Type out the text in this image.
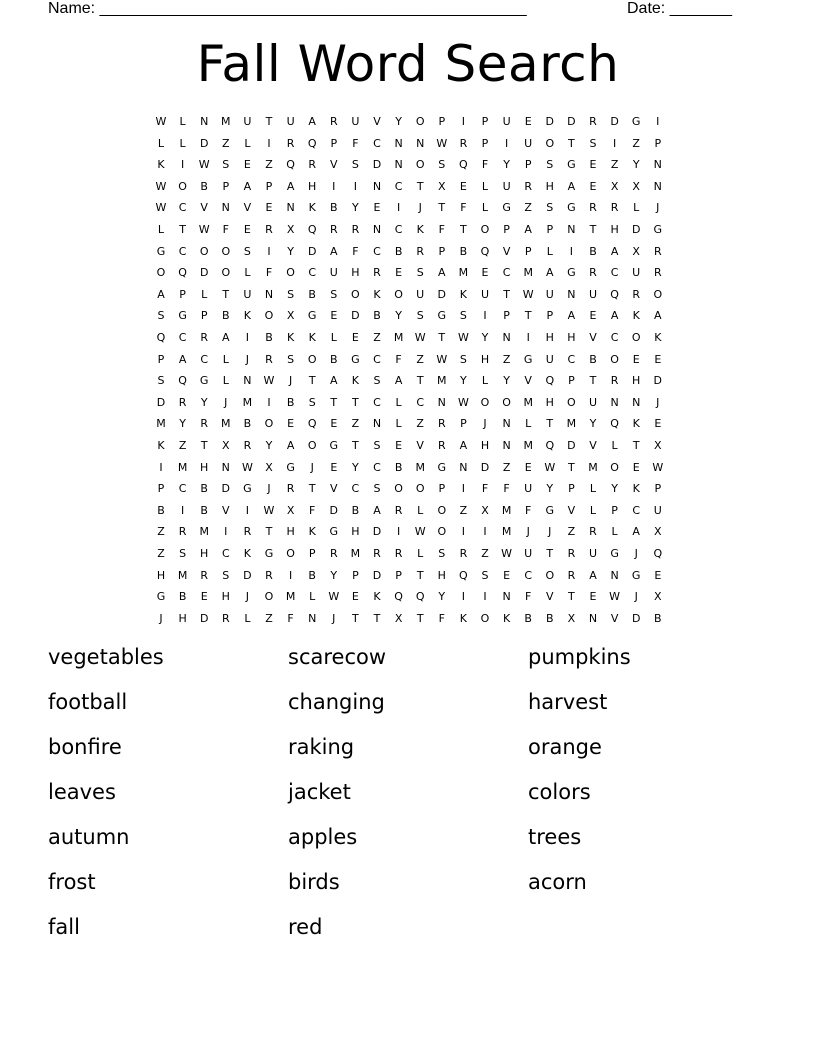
Name: ________________________________________________

	Date: _______

Fall Word Search
W	L	N	M	U	T	U	A	R	U	V	Y	O	P	I	P	U	E	D	D	R	D	G	I
L	L	D	Z	L	I	R	Q	P	F	C	N	N	W	R	P	I	U	O	T	S	I	Z	P
K	I	W	S	E	Z	Q	R	V	S	D	N	O	S	Q	F	Y	P	S	G	E	Z	Y	N
W	O	B	P	A	P	A	H	I	I	N	C	T	X	E	L	U	R	H	A	E	X	X	N
W	C	V	N	V	E	N	K	B	Y	E	I	J	T	F	L	G	Z	S	G	R	R	L	J
L	T	W	F	E	R	X	Q	R	R	N	C	K	F	T	O	P	A	P	N	T	H	D	G
G	C	O	O	S	I	Y	D	A	F	C	B	R	P	B	Q	V	P	L	I	B	A	X	R
O	Q	D	O	L	F	O	C	U	H	R	E	S	A	M	E	C	M	A	G	R	C	U	R
A	P	L	T	U	N	S	B	S	O	K	O	U	D	K	U	T	W	U	N	U	Q	R	O
S	G	P	B	K	O	X	G	E	D	B	Y	S	G	S	I	P	T	P	A	E	A	K	A
Q	C	R	A	I	B	K	K	L	E	Z	M	W	T	W	Y	N	I	H	H	V	C	O	K
P	A	C	L	J	R	S	O	B	G	C	F	Z	W	S	H	Z	G	U	C	B	O	E	E
S	Q	G	L	N	W	J	T	A	K	S	A	T	M	Y	L	Y	V	Q	P	T	R	H	D
D	R	Y	J	M	I	B	S	T	T	C	L	C	N	W	O	O	M	H	O	U	N	N	J
M	Y	R	M	B	O	E	Q	E	Z	N	L	Z	R	P	J	N	L	T	M	Y	Q	K	E
K	Z	T	X	R	Y	A	O	G	T	S	E	V	R	A	H	N	M	Q	D	V	L	T	X
I	M	H	N	W	X	G	J	E	Y	C	B	M	G	N	D	Z	E	W	T	M	O	E	W
P	C	B	D	G	J	R	T	V	C	S	O	O	P	I	F	F	U	Y	P	L	Y	K	P
B	I	B	V	I	W	X	F	D	B	A	R	L	O	Z	X	M	F	G	V	L	P	C	U
Z	R	M	I	R	T	H	K	G	H	D	I	W	O	I	I	M	J	J	Z	R	L	A	X
Z	S	H	C	K	G	O	P	R	M	R	R	L	S	R	Z	W	U	T	R	U	G	J	Q
H	M	R	S	D	R	I	B	Y	P	D	P	T	H	Q	S	E	C	O	R	A	N	G	E
G	B	E	H	J	O	M	L	W	E	K	Q	Q	Y	I	I	N	F	V	T	E	W	J	X
J	H	D	R	L	Z	F	N	J	T	T	X	T	F	K	O	K	B	B	X	N	V	D	B
vegetables
football
bonfire
leaves
autumn
frost
fall
scarecow
changing
raking
jacket
apples
birds
red
pumpkins
harvest
orange
colors
trees
acorn
